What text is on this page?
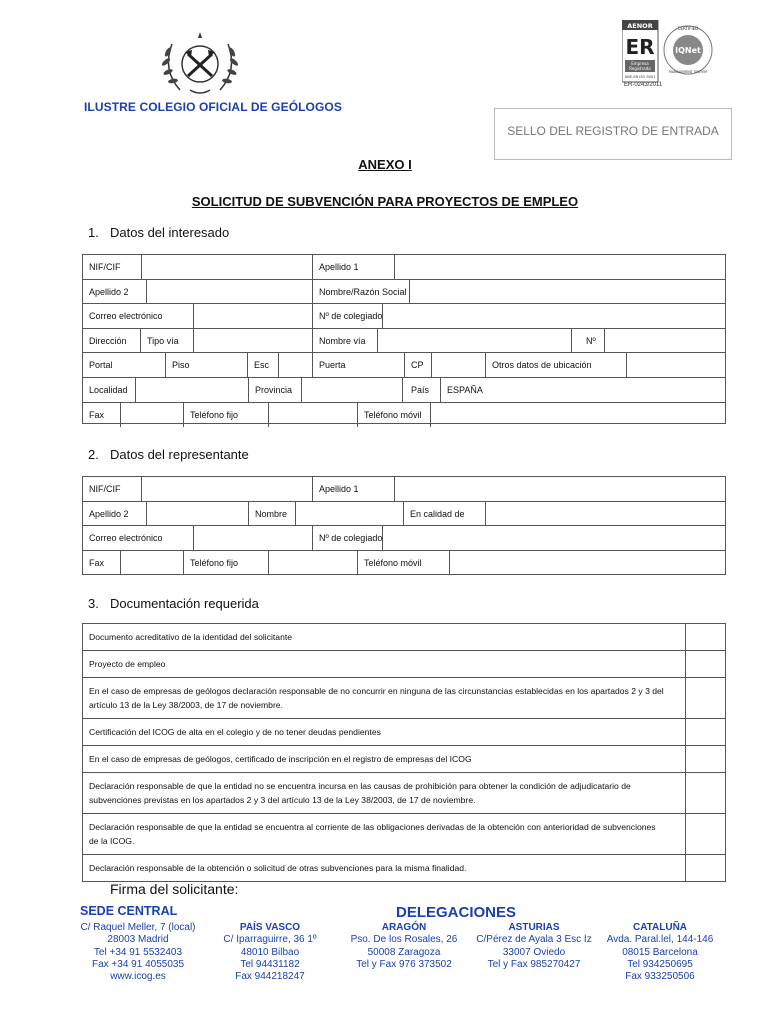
ILUSTRE COLEGIO OFICIAL DE GEÓLOGOS
AENOR
ER
Empresa
Registrada
UNE-EN ISO 9001
IQNet
CERTIFIED
MANAGEMENT SYSTEM
ER-0243/2011
SELLO DEL REGISTRO DE ENTRADA
ANEXO I
SOLICITUD DE SUBVENCIÓN PARA PROYECTOS DE EMPLEO
1. Datos del interesado
NIF/CIF	Apellido 1
Apellido 2	Nombre/Razón Social
Correo electrónico	Nº de colegiado
Dirección Tipo vía	Nombre vía	Nº
Portal	Piso	Esc	Puerta	CP	Otros datos de ubicación
Localidad	Provincia	País ESPAÑA
Fax	Teléfono fijo	Teléfono móvil
2. Datos del representante
NIF/CIF	Apellido 1
Apellido 2	Nombre	En calidad de
Correo electrónico	Nº de colegiado
Fax	Teléfono fijo	Teléfono móvil
3. Documentación requerida
Documento acreditativo de la identidad del solicitante
Proyecto de empleo
En el caso de empresas de geólogos declaración responsable de no concurrir en ninguna de las circunstancias establecidas en los apartados 2 y 3 del artículo 13 de la Ley 38/2003, de 17 de noviembre.
Certificación del ICOG de alta en el colegio y de no tener deudas pendientes
En el caso de empresas de geólogos, certificado de inscripción en el registro de empresas del ICOG
Declaración responsable de que la entidad no se encuentra incursa en las causas de prohibición para obtener la condición de adjudicatario de subvenciones previstas en los apartados 2 y 3 del artículo 13 de la Ley 38/2003, de 17 de noviembre.
Declaración responsable de que la entidad se encuentra al corriente de las obligaciones derivadas de la obtención con anterioridad de subvenciones de la ICOG.
Declaración responsable de la obtención o solicitud de otras subvenciones para la misma finalidad.
Firma del solicitante:
SEDE CENTRAL	DELEGACIONES
C/ Raquel Meller, 7 (local)
28003 Madrid
Tel +34 91 5532403
Fax +34 91 4055035
www.icog.es
PAÍS VASCO
C/ Iparraguirre, 36 1º
48010 Bilbao
Tel 94431182
Fax 944218247
ARAGÓN
Pso. De los Rosales, 26
50008 Zaragoza
Tel y Fax 976 373502
ASTURIAS
C/Pérez de Ayala 3 Esc Iz
33007 Oviedo
Tel y Fax 985270427
CATALUÑA
Avda. Paral.lel, 144-146
08015 Barcelona
Tel 934250695
Fax 933250506
